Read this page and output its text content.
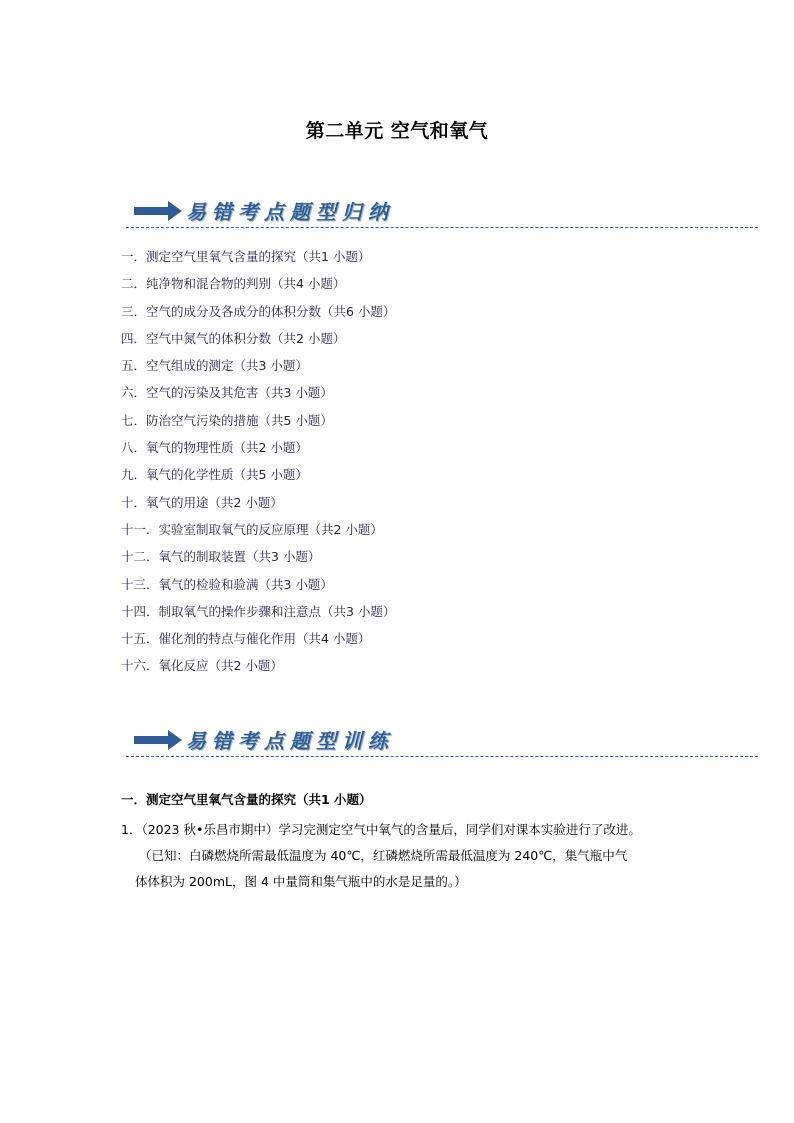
第二单元 空气和氧气
易错考点题型归纳
一．测定空气里氧气含量的探究（共1 小题）
二．纯净物和混合物的判别（共4 小题）
三．空气的成分及各成分的体积分数（共6 小题）
四．空气中氮气的体积分数（共2 小题）
五．空气组成的测定（共3 小题）
六．空气的污染及其危害（共3 小题）
七．防治空气污染的措施（共5 小题）
八．氧气的物理性质（共2 小题）
九．氧气的化学性质（共5 小题）
十．氧气的用途（共2 小题）
十一．实验室制取氧气的反应原理（共2 小题）
十二．氧气的制取装置（共3 小题）
十三．氧气的检验和验满（共3 小题）
十四．制取氧气的操作步骤和注意点（共3 小题）
十五．催化剂的特点与催化作用（共4 小题）
十六．氧化反应（共2 小题）
易错考点题型训练
一．测定空气里氧气含量的探究（共1 小题）
1．（2023 秋•乐昌市期中）学习完测定空气中氧气的含量后，同学们对课本实验进行了改进。
（已知：白磷燃烧所需最低温度为 40℃，红磷燃烧所需最低温度为 240℃，集气瓶中气
体体积为 200mL，图 4 中量筒和集气瓶中的水是足量的。）
